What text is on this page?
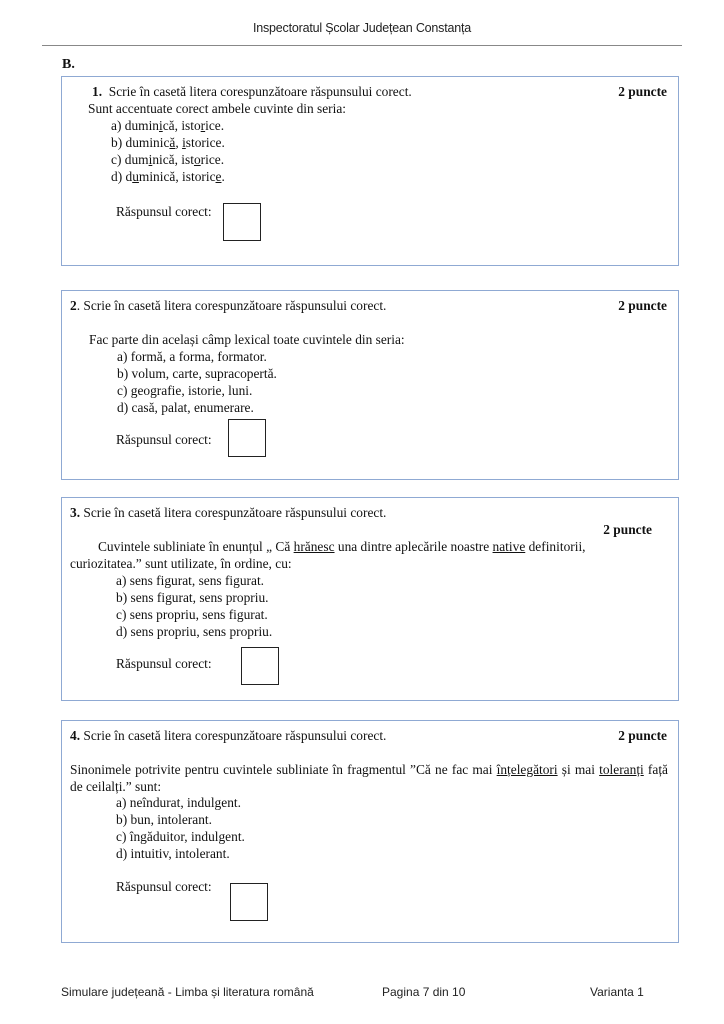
Inspectoratul Școlar Județean Constanța
B.
1. Scrie în casetă litera corespunzătoare răspunsului corect.	2 puncte
Sunt accentuate corect ambele cuvinte din seria:
a) duminică, istorice.
b) duminică, istorice.
c) duminică, istorice.
d) duminică, istorice.
Răspunsul corect:
2. Scrie în casetă litera corespunzătoare răspunsului corect.	2 puncte
Fac parte din același câmp lexical toate cuvintele din seria:
a) formă, a forma, formator.
b) volum, carte, supracopertă.
c) geografie, istorie, luni.
d) casă, palat, enumerare.
Răspunsul corect:
3. Scrie în casetă litera corespunzătoare răspunsului corect.
2 puncte
Cuvintele subliniate în enunțul „ Că hrănesc una dintre aplecările noastre native definitorii,
curiozitatea.” sunt utilizate, în ordine, cu:
a) sens figurat, sens figurat.
b) sens figurat, sens propriu.
c) sens propriu, sens figurat.
d) sens propriu, sens propriu.
Răspunsul corect:
4. Scrie în casetă litera corespunzătoare răspunsului corect.	2 puncte
Sinonimele potrivite pentru cuvintele subliniate în fragmentul ”Că ne fac mai înțelegători și mai toleranți față de ceilalți.” sunt:
a) neîndurat, indulgent.
b) bun, intolerant.
c) îngăduitor, indulgent.
d) intuitiv, intolerant.
Răspunsul corect:
Simulare județeană - Limba și literatura română	Pagina 7 din 10	Varianta 1
